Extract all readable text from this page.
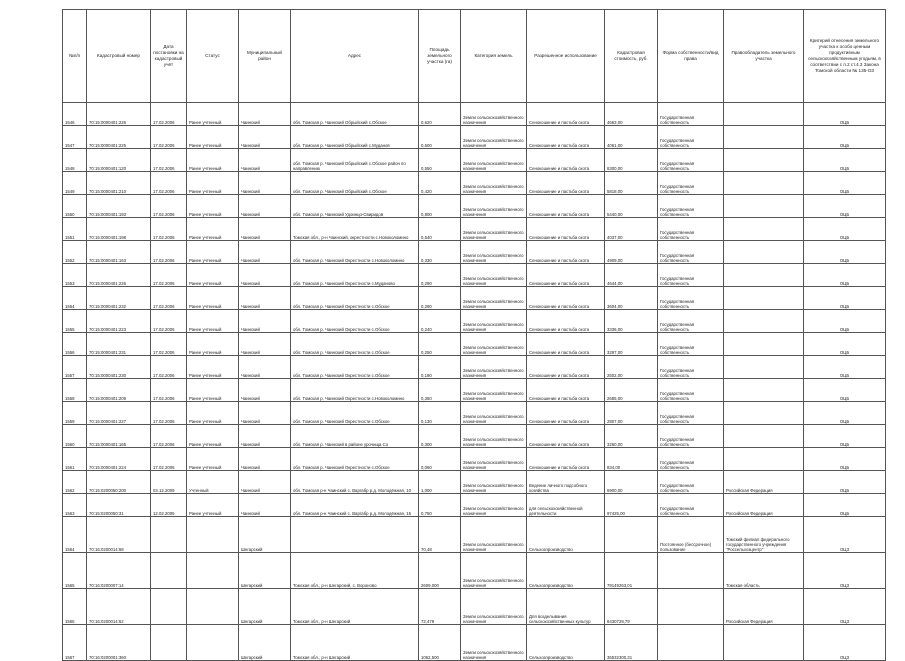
№п/п	Кадастровый номер	Дата постановки на кадастровый учёт	Статус	Муниципальный район	Адрес	Площадь земельного участка (га)	Категория земель	Разрешенное использование	Кадастровая стоимость, руб.	Форма собственности/вид права	Правообладатель земельного участка	Критерий отнесения земельного участка к особо ценным продуктивным сельскохозяйственным угодьям, в соответствии с п.2 ст.4.3 Закона Томской области № 135-ОЗ
1546	70:15:0000401:226	17.02.2006	Ранее учтенный	Чаинский	обл. Томская р. Чаинский Обрыйский с.Обское	0,620	Земли сельскохозяйственного назначения	Сенокошение и пастьба скота	4663,00	Государственная собственность		ОЦБ
1547	70:15:0000401:225	17.02.2006	Ранее учтенный	Чаинский	обл. Томская р. Чаинский Обрыйский с.Муданов	0,600	Земли сельскохозяйственного назначения	Сенокошение и пастьба скота	4061,00	Государственная собственность		ОЦБ
1548	70:15:0000401:120	17.02.2006	Ранее учтенный	Чаинский	обл. Томская р. Чаинский Обрыйский с.Обское район по направлению	0,550	Земли сельскохозяйственного назначения	Сенокошение и пастьба скота	6300,00	Государственная собственность		ОЦБ
1549	70:15:0000401:210	17.02.2006	Ранее учтенный	Чаинский	обл. Томская р. Чаинский Обрыйский с.Обское	0,420	Земли сельскохозяйственного назначения	Сенокошение и пастьба скота	5818,00	Государственная собственность		ОЦБ
1550	70:15:0000401:193	17.02.2006	Ранее учтенный	Чаинский	обл. Томская р. Чаинский Удоинцо-Свиридов	0,800	Земли сельскохозяйственного назначения	Сенокошение и пастьба скота	5440,00	Государственная собственность		ОЦБ
1551	70:15:0000401:198	17.02.2006	Ранее учтенный	Чаинский	Томская обл., р-н Чаинский, окрестности с.Новоколомино	0,540	Земли сельскохозяйственного назначения	Сенокошение и пастьба скота	4037,00	Государственная собственность		ОЦБ
1552	70:15:0000401:163	17.02.2006	Ранее учтенный	Чаинский	обл. Томская р. Чаинский Окрестности с.Новоколомино	0,330	Земли сельскохозяйственного назначения	Сенокошение и пастьба скота	4909,00	Государственная собственность		ОЦБ
1553	70:15:0000401:226	17.02.2006	Ранее учтенный	Чаинский	обл. Томская р. Чаинский Окрестности с.Муданово	0,290	Земли сельскохозяйственного назначения	Сенокошение и пастьба скота	4644,00	Государственная собственность		ОЦБ
1554	70:15:0000401:232	17.02.2006	Ранее учтенный	Чаинский	обл. Томская р. Чаинский Окрестности с.Обское	0,290	Земли сельскохозяйственного назначения	Сенокошение и пастьба скота	3604,00	Государственная собственность		ОЦБ
1555	70:15:0000401:223	17.02.2006	Ранее учтенный	Чаинский	обл. Томская р. Чаинский Окрестности с.Обское	0,240	Земли сельскохозяйственного назначения	Сенокошение и пастьба скота	3336,00	Государственная собственность		ОЦБ
1556	70:15:0000401:231	17.02.2006	Ранее учтенный	Чаинский	обл. Томская р. Чаинский Окрестности с.Обское	0,250	Земли сельскохозяйственного назначения	Сенокошение и пастьба скота	3297,00	Государственная собственность		ОЦБ
1557	70:15:0000401:230	17.02.2006	Ранее учтенный	Чаинский	обл. Томская р. Чаинский Окрестности с.Обское	0,190	Земли сельскохозяйственного назначения	Сенокошение и пастьба скота	2502,00	Государственная собственность		ОЦБ
1558	70:15:0000401:209	17.02.2006	Ранее учтенный	Чаинский	обл. Томская р. Чаинский Окрестности с.Новоколомино	0,350	Земли сельскохозяйственного назначения	Сенокошение и пастьба скота	2685,00	Государственная собственность		ОЦБ
1559	70:15:0000401:227	17.02.2006	Ранее учтенный	Чаинский	обл. Томская р. Чаинский Окрестности с.Обское	0,130	Земли сельскохозяйственного назначения	Сенокошение и пастьба скота	2807,00	Государственная собственность		ОЦБ
1560	70:15:0000401:165	17.02.2006	Ранее учтенный	Чаинский	обл. Томская р. Чаинский в районе урочища Со	0,300	Земли сельскохозяйственного назначения	Сенокошение и пастьба скота	3260,00	Государственная собственность		ОЦБ
1561	70:15:0000401:224	17.02.2006	Ранее учтенный	Чаинский	обл. Томская р. Чаинский Окрестности с.Обское	0,060	Земли сельскохозяйственного назначения	Сенокошение и пастьба скота	834,00	Государственная собственность		ОЦБ
1562	70:15:0200050:200	03.12.2009	Учтенный	Чаинский	обл. Томская р-н Чаинский с. Варгабр р.д. Молодёжная, 10	1,000	Земли сельскохозяйственного назначения	Ведение личного подсобного хозяйства	6900,00	Государственная собственность	Российская Федерация	ОЦБ
1563	70:15:0200050:31	12.02.2005	Ранее учтенный	Чаинский	обл. Томская р-н Чаинский с. Варгабр р.д. Молодёжная, 15	0,750	Земли сельскохозяйственного назначения	для сельскохозяйственной деятельности	97425,00	Государственная собственность	Российская Федерация	ОЦБ
1564	70:16:0200014:68			Шегарский		70,48	Земли сельскохозяйственного назначения	Сельхозпроизводство		Постоянное (бессрочное) пользование	Томский филиал федерального государственного учреждения "Россельхозцентр"	ОЦЗ
1565	70:16:0200007:14			Шегарский	Томская обл., р-н Шегарский, с. Вороново	2609,000	Земли сельскохозяйственного назначения	Сельхозпроизводство	79149263,01		Томская область	ОЦЗ
1566	70:16:0200014:62			Шегарский	Томская обл., р-н Шегарский	72,479	Земли сельскохозяйственного назначения	Для возделывания сельскохозяйственных культур	8430729,79		Российская Федерация	ОЦЗ
1567	70:16:0200001:360			Шегарский	Томская обл., р-н Шегарский	1062,500	Земли сельскохозяйственного назначения	Сельхозпроизводство	35532300,31			ОЦЗ
